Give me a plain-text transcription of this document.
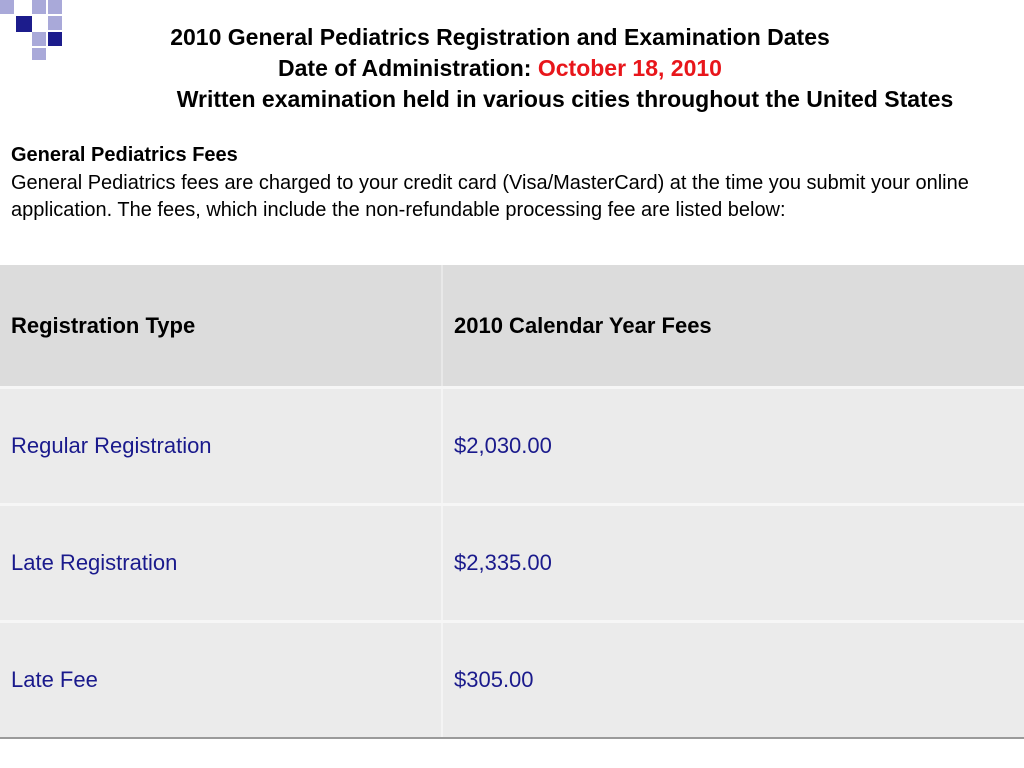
2010 General Pediatrics Registration and Examination Dates
Date of Administration: October 18, 2010
Written examination held in various cities throughout the United States
General Pediatrics Fees
General Pediatrics fees are charged to your credit card (Visa/MasterCard) at the time you submit your online application. The fees, which include the non-refundable processing fee are listed below:
Registration Type	2010 Calendar Year Fees
Regular Registration	$2,030.00
Late Registration	$2,335.00
Late Fee	$305.00
